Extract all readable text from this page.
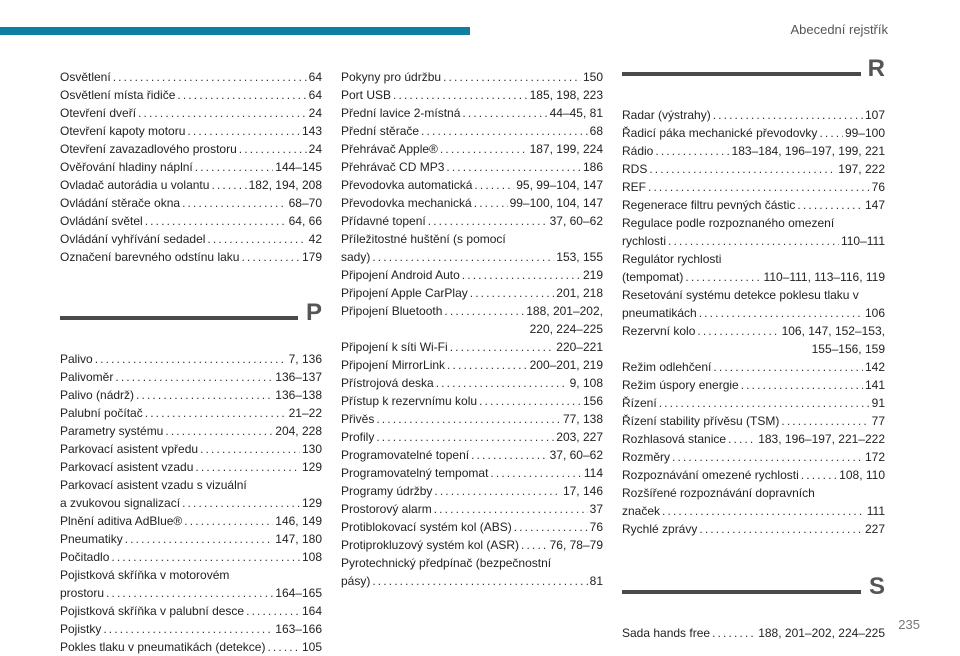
Abecední rejstřík
Osvětlení . . .	64
Osvětlení místa řidiče . . .	64
Otevření dveří . . .	24
Otevření kapoty motoru . . .	143
Otevření zavazadlového prostoru . . .	24
Ověřování hladiny náplní . . .	144–145
Ovladač autorádia u volantu . . .	182, 194, 208
Ovládání stěrače okna . . .	68–70
Ovládání světel . . .	64, 66
Ovládání vyhřívání sedadel . . .	42
Označení barevného odstínu laku . . .	179
P
Palivo . . .	7, 136
Palivoměr . . .	136–137
Palivo (nádrž) . . .	136–138
Palubní počítač . . .	21–22
Parametry systému . . .	204, 228
Parkovací asistent vpředu . . .	130
Parkovací asistent vzadu . . .	129
Parkovací asistent vzadu s vizuální
a zvukovou signalizací . . .	129
Plnění aditiva AdBlue® . . .	146, 149
Pneumatiky . . .	147, 180
Počitadlo . . .	108
Pojistková skříňka v motorovém
prostoru . . .	164–165
Pojistková skříňka v palubní desce . . .	164
Pojistky . . .	163–166
Pokles tlaku v pneumatikách (detekce) . . .	105
Pokyny pro údržbu . . .	150
Port USB . . .	185, 198, 223
Přední lavice 2-místná . . .	44–45, 81
Přední stěrače . . .	68
Přehrávač Apple® . . .	187, 199, 224
Přehrávač CD MP3 . . .	186
Převodovka automatická . . .	95, 99–104, 147
Převodovka mechanická . . .	99–100, 104, 147
Přídavné topení . . .	37, 60–62
Příležitostné huštění (s pomocí
sady) . . .	153, 155
Připojení Android Auto . . .	219
Připojení Apple CarPlay . . .	201, 218
Připojení Bluetooth . . .	188, 201–202,
220, 224–225
Připojení k síti Wi-Fi . . .	220–221
Připojení MirrorLink . . .	200–201, 219
Přístrojová deska . . .	9, 108
Přístup k rezervnímu kolu . . .	156
Přivěs . . .	77, 138
Profily . . .	203, 227
Programovatelné topení . . .	37, 60–62
Programovatelný tempomat . . .	114
Programy údržby . . .	17, 146
Prostorový alarm . . .	37
Protiblokovací systém kol (ABS) . . .	76
Protiprokluzový systém kol (ASR) . . .	76, 78–79
Pyrotechnický předpínač (bezpečnostní
pásy) . . .	81
R
Radar (výstrahy) . . .	107
Řadicí páka mechanické převodovky . . . 99–100
Rádio . . .	183–184, 196–197, 199, 221
RDS . . .	197, 222
REF . . .	76
Regenerace filtru pevných částic . . .	147
Regulace podle rozpoznaného omezení
rychlosti . . .	110–111
Regulátor rychlosti
(tempomat) . . .	110–111, 113–116, 119
Resetování systému detekce poklesu tlaku v
pneumatikách . . .	106
Rezervní kolo . . .	106, 147, 152–153,
155–156, 159
Režim odlehčení . . .	142
Režim úspory energie . . .	141
Řízení . . .	91
Řízení stability přívěsu (TSM) . . .	77
Rozhlasová stanice . . .	183, 196–197, 221–222
Rozměry . . .	172
Rozpoznávání omezené rychlosti . . .	108, 110
Rozšířené rozpoznávání dopravních
značek . . .	111
Rychlé zprávy . . .	227
S
Sada hands free . . .	188, 201–202, 224–225
235
